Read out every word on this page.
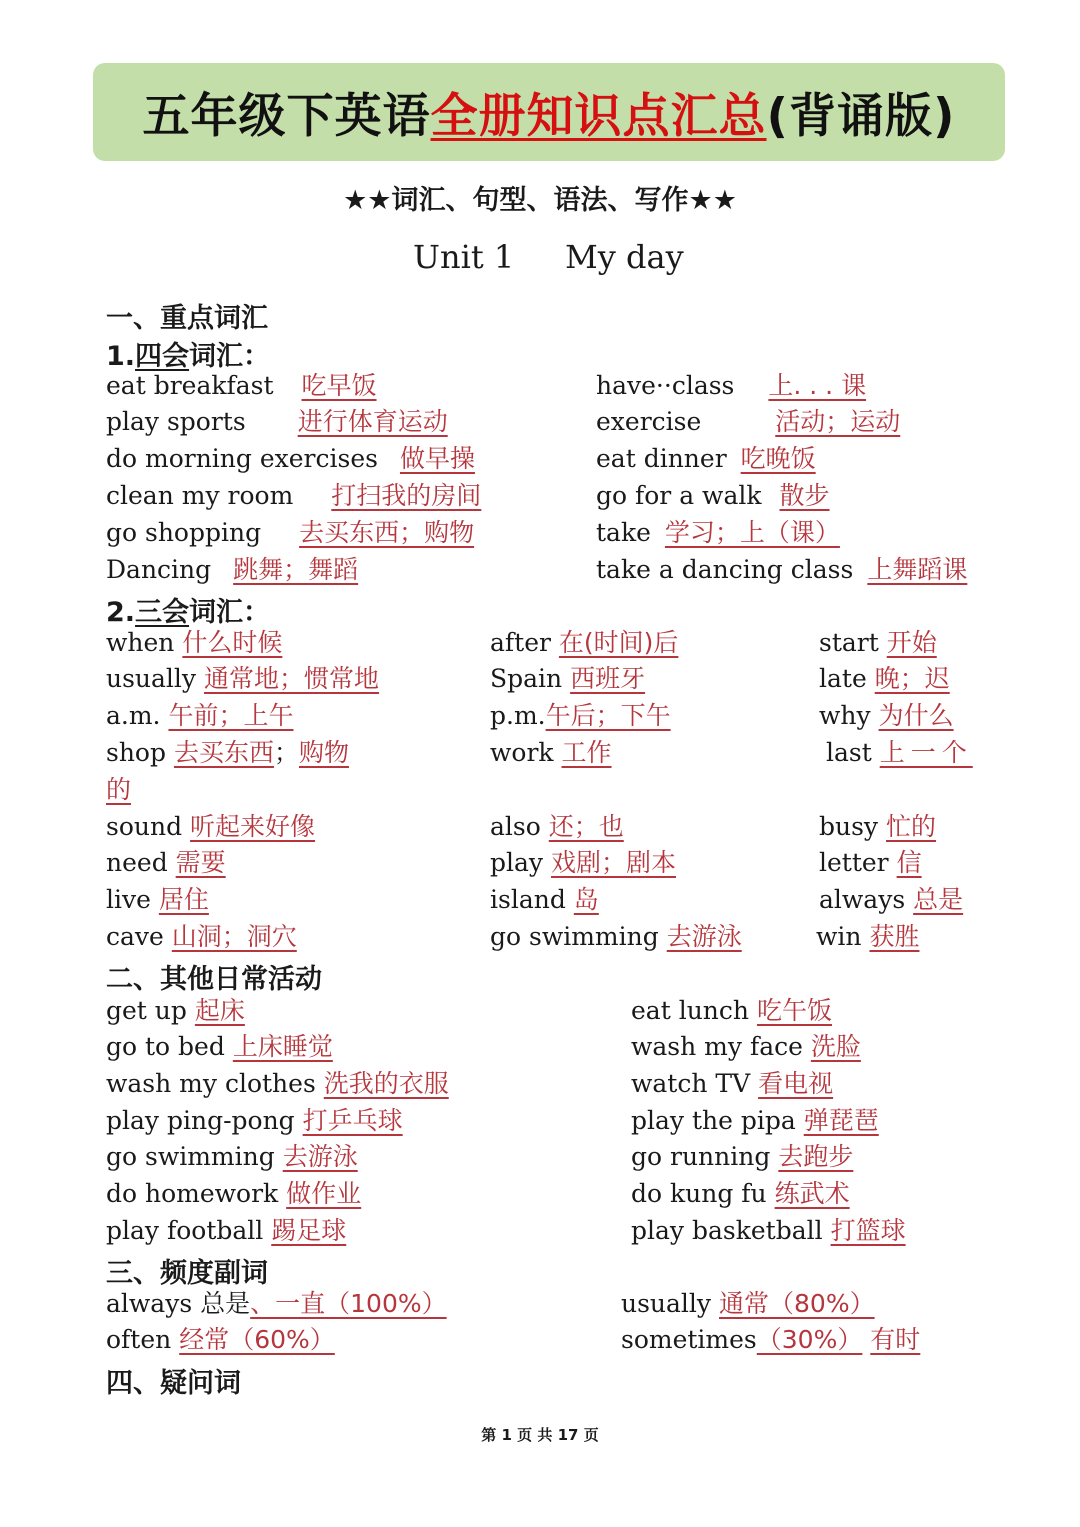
五年级下英语全册知识点汇总(背诵版)
★★词汇、句型、语法、写作★★
Unit 1 My day
一、重点词汇
1.四会词汇：
eat breakfast 吃早饭	have··class 上. . . 课
play sports 进行体育运动	exercise	活动；运动
do morning exercises 做早操	eat dinner 吃晚饭
clean my room 打扫我的房间	go for a walk 散步
go shopping 去买东西；购物	take 学习；上（课）
Dancing 跳舞；舞蹈	take a dancing class 上舞蹈课
2.三会词汇：
when 什么时候	after 在(时间)后	start 开始
usually 通常地；惯常地	Spain 西班牙	late 晚；迟
a.m. 午前；上午	p.m.午后；下午	why 为什么
shop 去买东西；购物	work 工作	last 上一个
的
sound 听起来好像	also 还；也	busy 忙的
need 需要	play 戏剧；剧本	letter 信
live 居住	island 岛	always 总是
cave 山洞；洞穴	go swimming 去游泳	win 获胜
二、其他日常活动
get up 起床	eat lunch 吃午饭
go to bed 上床睡觉	wash my face 洗脸
wash my clothes 洗我的衣服	watch TV 看电视
play ping-pong 打乒乓球	play the pipa 弹琵琶
go swimming 去游泳	go running 去跑步
do homework 做作业	do kung fu 练武术
play football 踢足球	play basketball 打篮球
三、频度副词
always 总是、一直（100%）	usually 通常（80%）
often 经常（60%）	sometimes（30%） 有时
四、疑问词
第 1 页 共 17 页
